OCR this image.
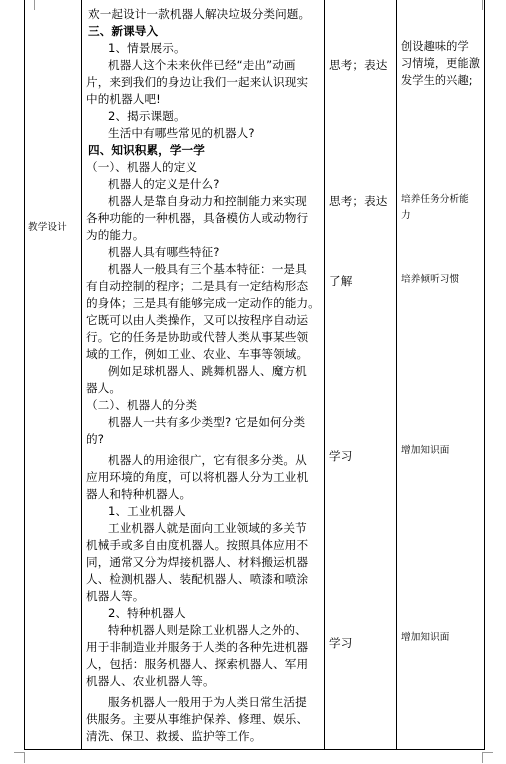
教学设计
欢一起设计一款机器人解决垃圾分类问题。
三、新课导入
1、情景展示。
机器人这个未来伙伴已经“走出”动画
片，来到我们的身边让我们一起来认识现实
中的机器人吧!
2、揭示课题。
生活中有哪些常见的机器人?
四、知识积累，学一学
（一）、机器人的定义
机器人的定义是什么?
机器人是靠自身动力和控制能力来实现
各种功能的一种机器，具备模仿人或动物行
为的能力。
机器人具有哪些特征?
机器人一般具有三个基本特征：一是具
有自动控制的程序；二是具有一定结构形态
的身体；三是具有能够完成一定动作的能力。
它既可以由人类操作，又可以按程序自动运
行。它的任务是协助或代替人类从事某些领
域的工作，例如工业、农业、车事等领域。
例如足球机器人、跳舞机器人、魔方机
器人。
（二）、机器人的分类
机器人一共有多少类型? 它是如何分类
的?
机器人的用途很广，它有很多分类。从
应用环境的角度，可以将机器人分为工业机
器人和特种机器人。
1、工业机器人
工业机器人就是面向工业领域的多关节
机械手或多自由度机器人。按照具体应用不
同，通常又分为焊接机器人、材料搬运机器
人、检测机器人、装配机器人、喷漆和喷涂
机器人等。
2、特种机器人
特种机器人则是除工业机器人之外的、
用于非制造业并服务于人类的各种先进机器
人，包括：服务机器人、探索机器人、军用
机器人、农业机器人等。
服务机器人一般用于为人类日常生活提
供服务。主要从事维护保养、修理、娱乐、
清洗、保卫、救援、监护等工作。
思考；表达
思考；表达
了解
学习
学习
创设趣味的学
习情境，更能激
发学生的兴趣;
培养任务分析能
力
培养倾听习惯
增加知识面
增加知识面
